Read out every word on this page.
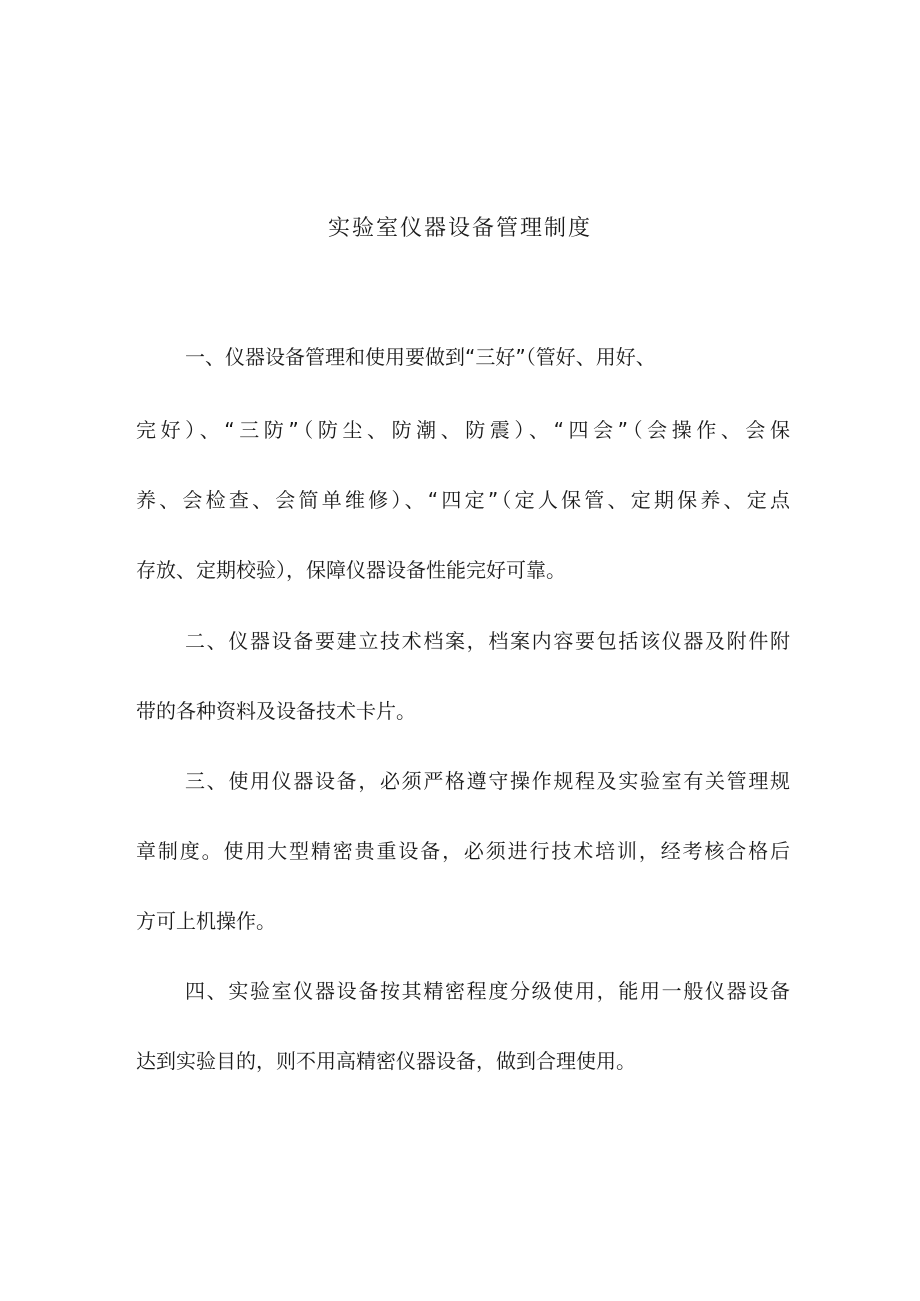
实验室仪器设备管理制度

一、仪器设备管理和使用要做到“三好”（管好、用好、

完好）、“三防”（防尘、防潮、防震）、“四会”（会操作、会保

养、会检查、会简单维修）、“四定”（定人保管、定期保养、定点

存放、定期校验），保障仪器设备性能完好可靠。

二、仪器设备要建立技术档案，档案内容要包括该仪器及附件附

带的各种资料及设备技术卡片。

三、使用仪器设备，必须严格遵守操作规程及实验室有关管理规

章制度。使用大型精密贵重设备，必须进行技术培训，经考核合格后

方可上机操作。

四、实验室仪器设备按其精密程度分级使用，能用一般仪器设备

达到实验目的，则不用高精密仪器设备，做到合理使用。
